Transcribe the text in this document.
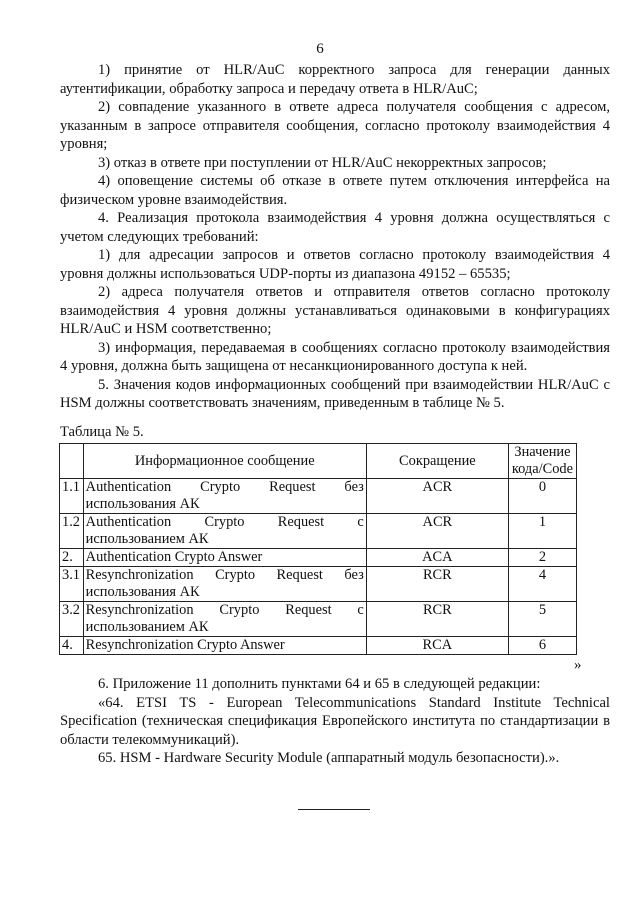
6

1) принятие от HLR/AuC корректного запроса для генерации данных аутентификации, обработку запроса и передачу ответа в HLR/AuC;

2) совпадение указанного в ответе адреса получателя сообщения с адресом, указанным в запросе отправителя сообщения, согласно протоколу взаимодействия 4 уровня;

3) отказ в ответе при поступлении от HLR/AuC некорректных запросов;

4) оповещение системы об отказе в ответе путем отключения интерфейса на физическом уровне взаимодействия.

4. Реализация протокола взаимодействия 4 уровня должна осуществляться с учетом следующих требований:

1) для адресации запросов и ответов согласно протоколу взаимодействия 4 уровня должны использоваться UDP-порты из диапазона 49152 – 65535;

2) адреса получателя ответов и отправителя ответов согласно протоколу взаимодействия 4 уровня должны устанавливаться одинаковыми в конфигурациях HLR/AuC и HSM соответственно;

3) информация, передаваемая в сообщениях согласно протоколу взаимодействия 4 уровня, должна быть защищена от несанкционированного доступа к ней.

5. Значения кодов информационных сообщений при взаимодействии HLR/AuC с HSM должны соответствовать значениям, приведенным в таблице № 5.

Таблица № 5.
	Информационное сообщение	Сокращение	Значение
кода/Code
1.1	Authentication Crypto Request без
использования АК	ACR	0
1.2	Authentication Crypto Request с
использованием АК	ACR	1
2.	Authentication Crypto Answer	ACA	2
3.1	Resynchronization Crypto Request без
использования АК	RCR	4
3.2	Resynchronization Crypto Request с
использованием АК	RCR	5
4.	Resynchronization Crypto Answer	RCA	6
»

6. Приложение 11 дополнить пунктами 64 и 65 в следующей редакции:

«64. ETSI TS - European Telecommunications Standard Institute Technical Specification (техническая спецификация Европейского института по стандартизации в области телекоммуникаций).

65. HSM - Hardware Security Module (аппаратный модуль безопасности).».
